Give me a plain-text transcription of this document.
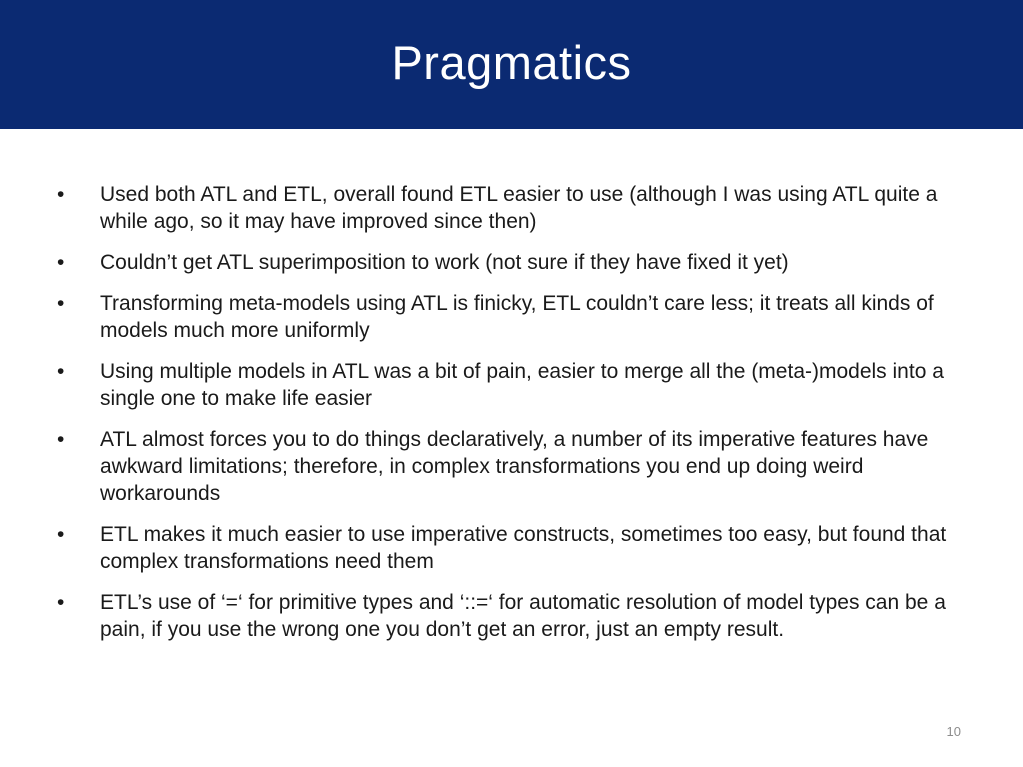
Pragmatics
• Used both ATL and ETL, overall found ETL easier to use (although I was using ATL quite a while ago, so it may have improved since then)
• Couldn’t get ATL superimposition to work (not sure if they have fixed it yet)
• Transforming meta-models using ATL is finicky, ETL couldn’t care less; it treats all kinds of models much more uniformly
• Using multiple models in ATL was a bit of pain, easier to merge all the (meta-)models into a single one to make life easier
• ATL almost forces you to do things declaratively, a number of its imperative features have awkward limitations; therefore, in complex transformations you end up doing weird workarounds
• ETL makes it much easier to use imperative constructs, sometimes too easy, but found that complex transformations need them
• ETL’s use of ‘=‘ for primitive types and ‘::=‘ for automatic resolution of model types can be a pain, if you use the wrong one you don’t get an error, just an empty result.
10
